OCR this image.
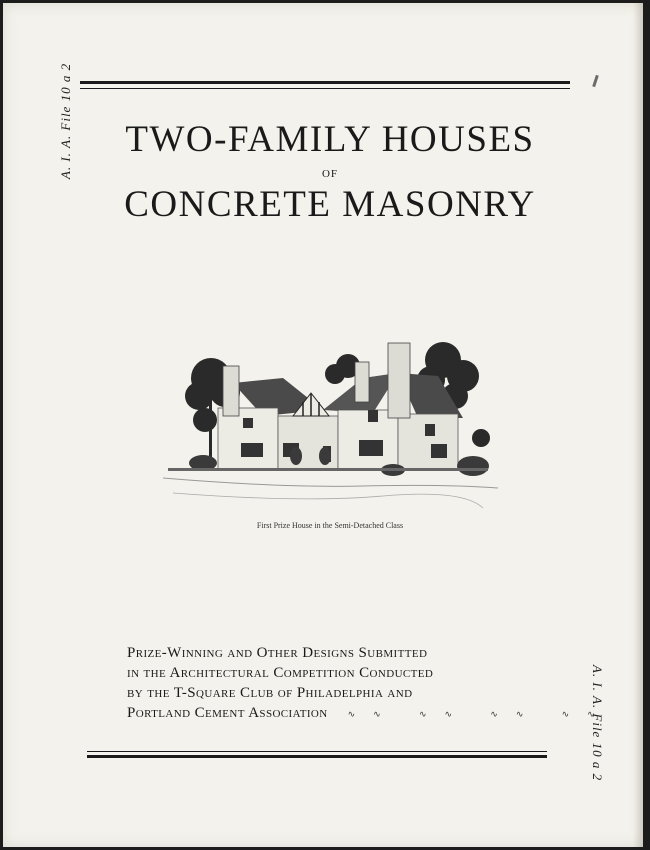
A. I. A. File 10 a 2	TWO-FAMILY HOUSES
OF
CONCRETE MASONRY
First Prize House in the Semi-Detached Class
Prize-Winning and Other Designs Submitted
in the Architectural Competition Conducted
by the T-Square Club of Philadelphia and
Portland Cement Association ∿∿ ∿∿ ∿∿ ∿∿
A. I. A. File 10 a 2
